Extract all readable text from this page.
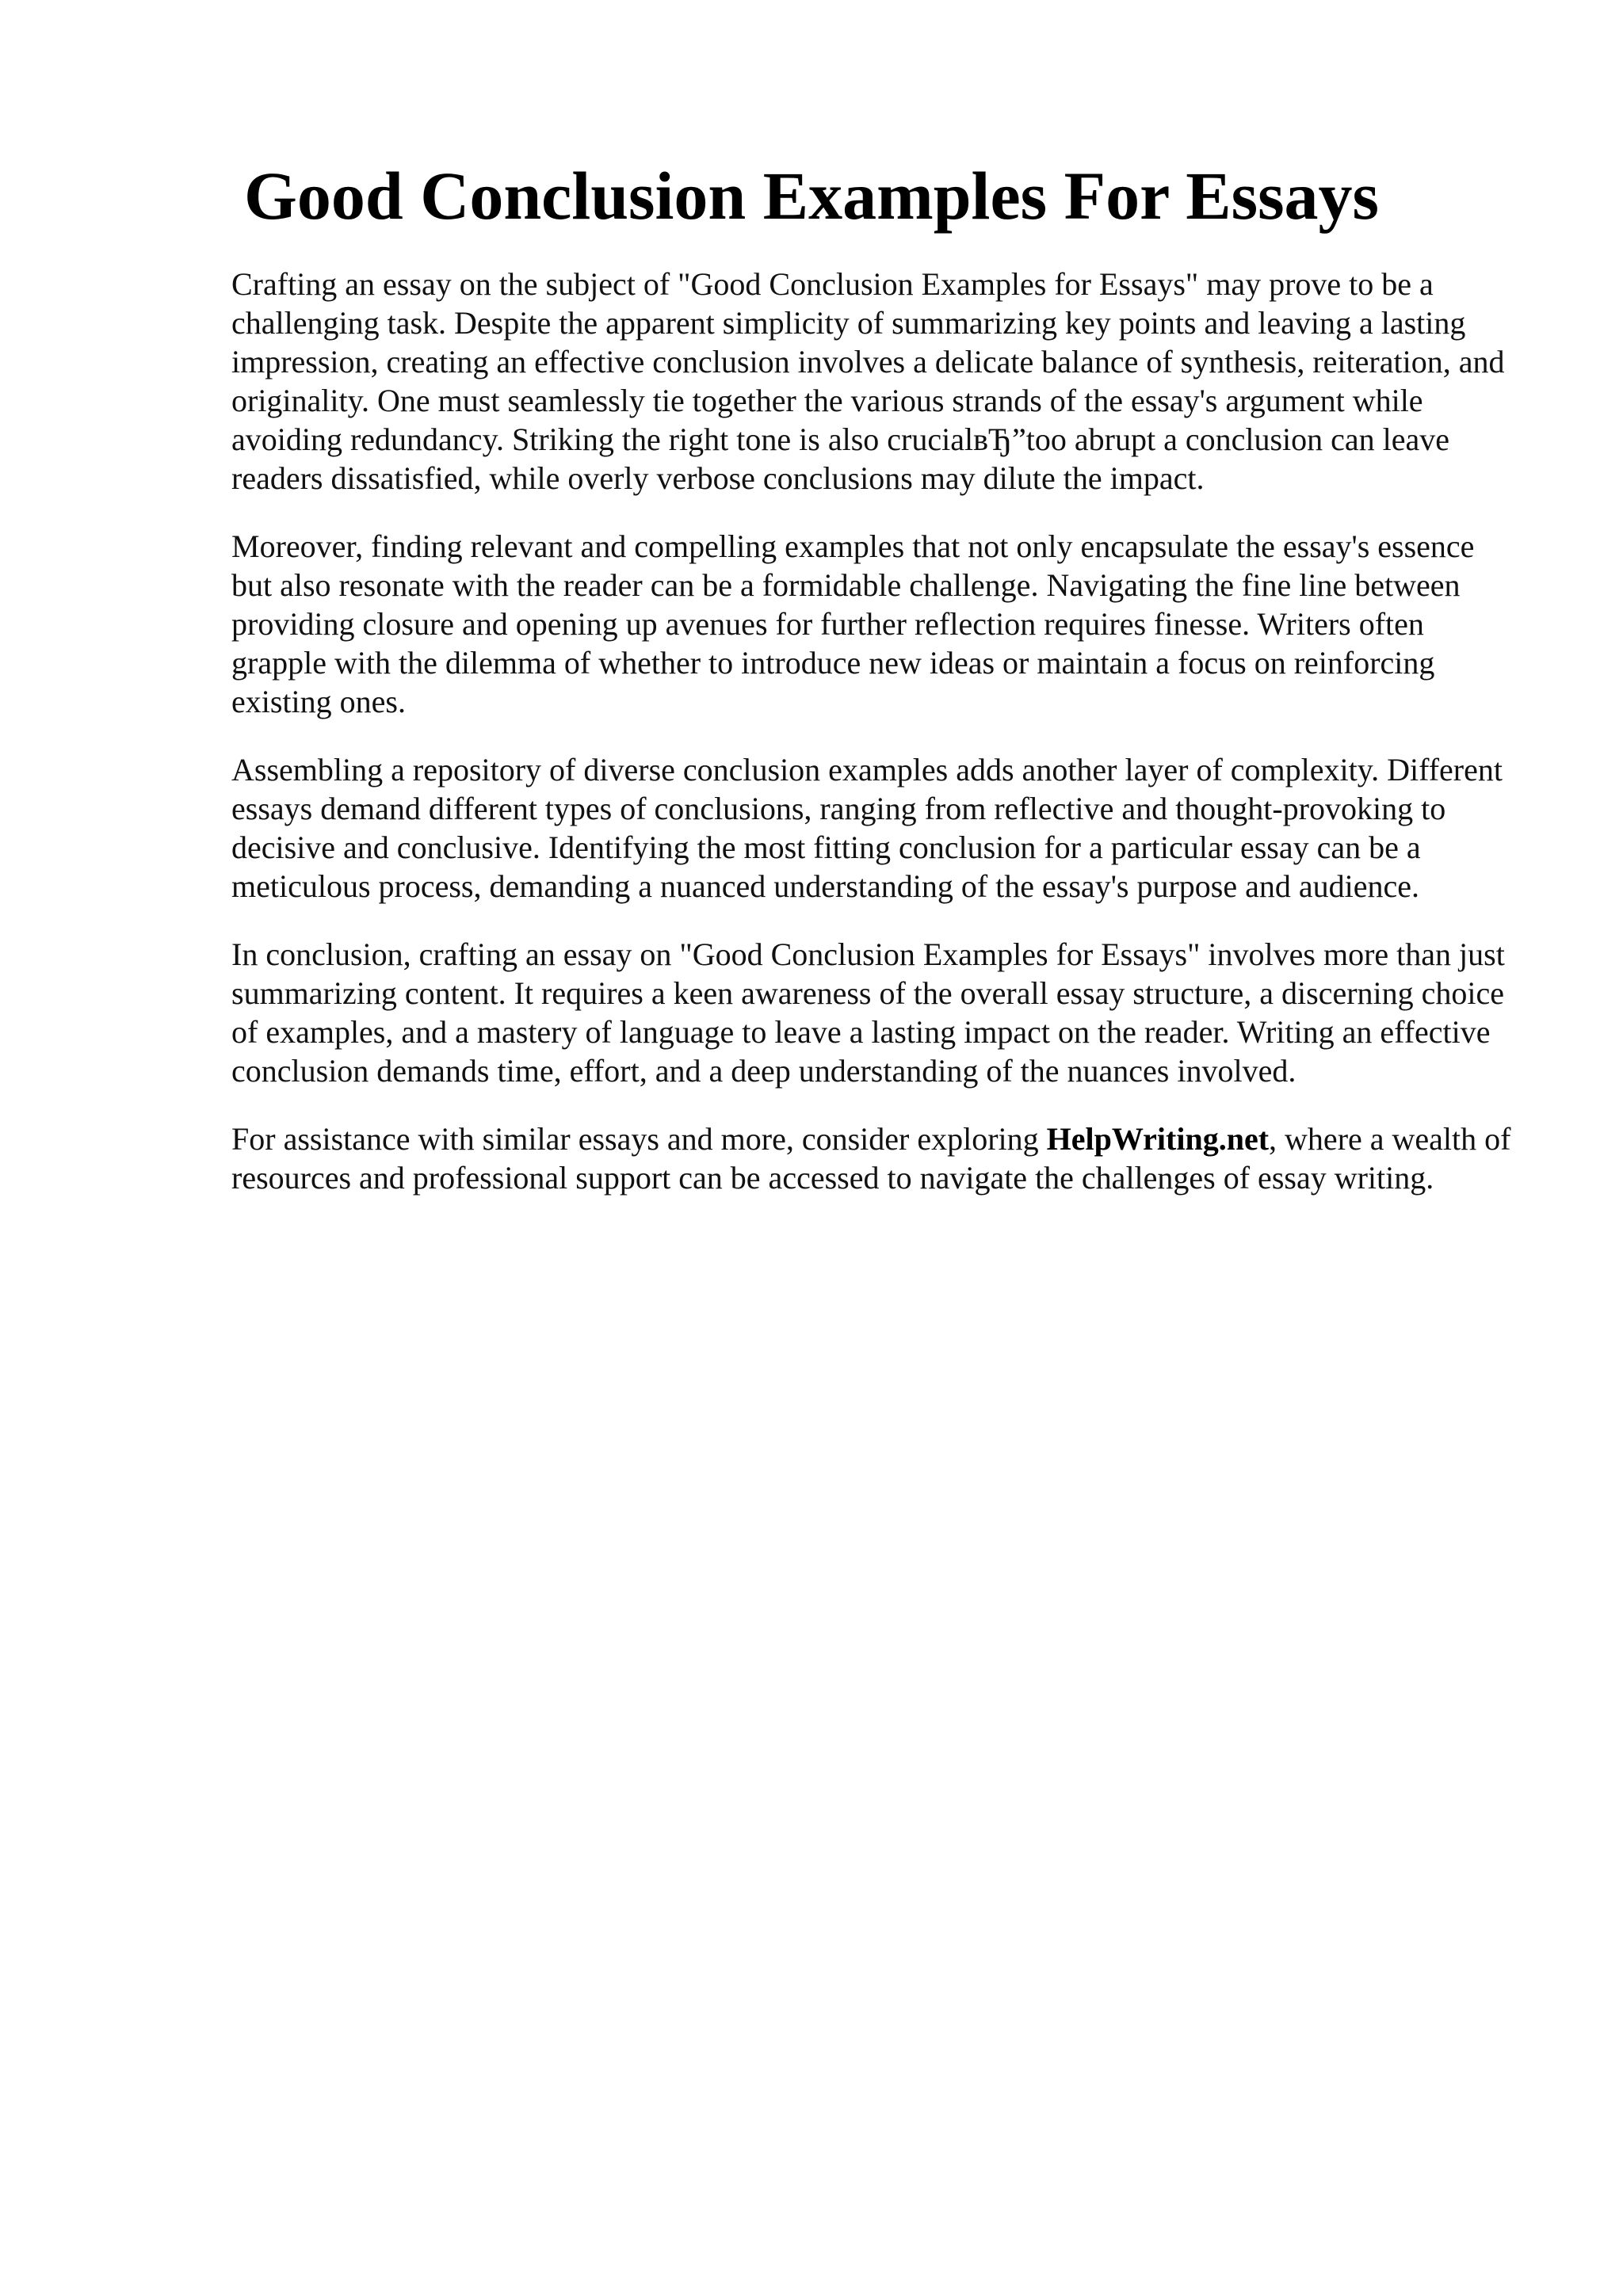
Good Conclusion Examples For Essays

Crafting an essay on the subject of "Good Conclusion Examples for Essays" may prove to be a challenging task. Despite the apparent simplicity of summarizing key points and leaving a lasting impression, creating an effective conclusion involves a delicate balance of synthesis, reiteration, and originality. One must seamlessly tie together the various strands of the essay's argument while avoiding redundancy. Striking the right tone is also crucialвЂ”too abrupt a conclusion can leave readers dissatisfied, while overly verbose conclusions may dilute the impact.

Moreover, finding relevant and compelling examples that not only encapsulate the essay's essence but also resonate with the reader can be a formidable challenge. Navigating the fine line between providing closure and opening up avenues for further reflection requires finesse. Writers often grapple with the dilemma of whether to introduce new ideas or maintain a focus on reinforcing existing ones.

Assembling a repository of diverse conclusion examples adds another layer of complexity. Different essays demand different types of conclusions, ranging from reflective and thought-provoking to decisive and conclusive. Identifying the most fitting conclusion for a particular essay can be a meticulous process, demanding a nuanced understanding of the essay's purpose and audience.

In conclusion, crafting an essay on "Good Conclusion Examples for Essays" involves more than just summarizing content. It requires a keen awareness of the overall essay structure, a discerning choice of examples, and a mastery of language to leave a lasting impact on the reader. Writing an effective conclusion demands time, effort, and a deep understanding of the nuances involved.

For assistance with similar essays and more, consider exploring HelpWriting.net, where a wealth of resources and professional support can be accessed to navigate the challenges of essay writing.
